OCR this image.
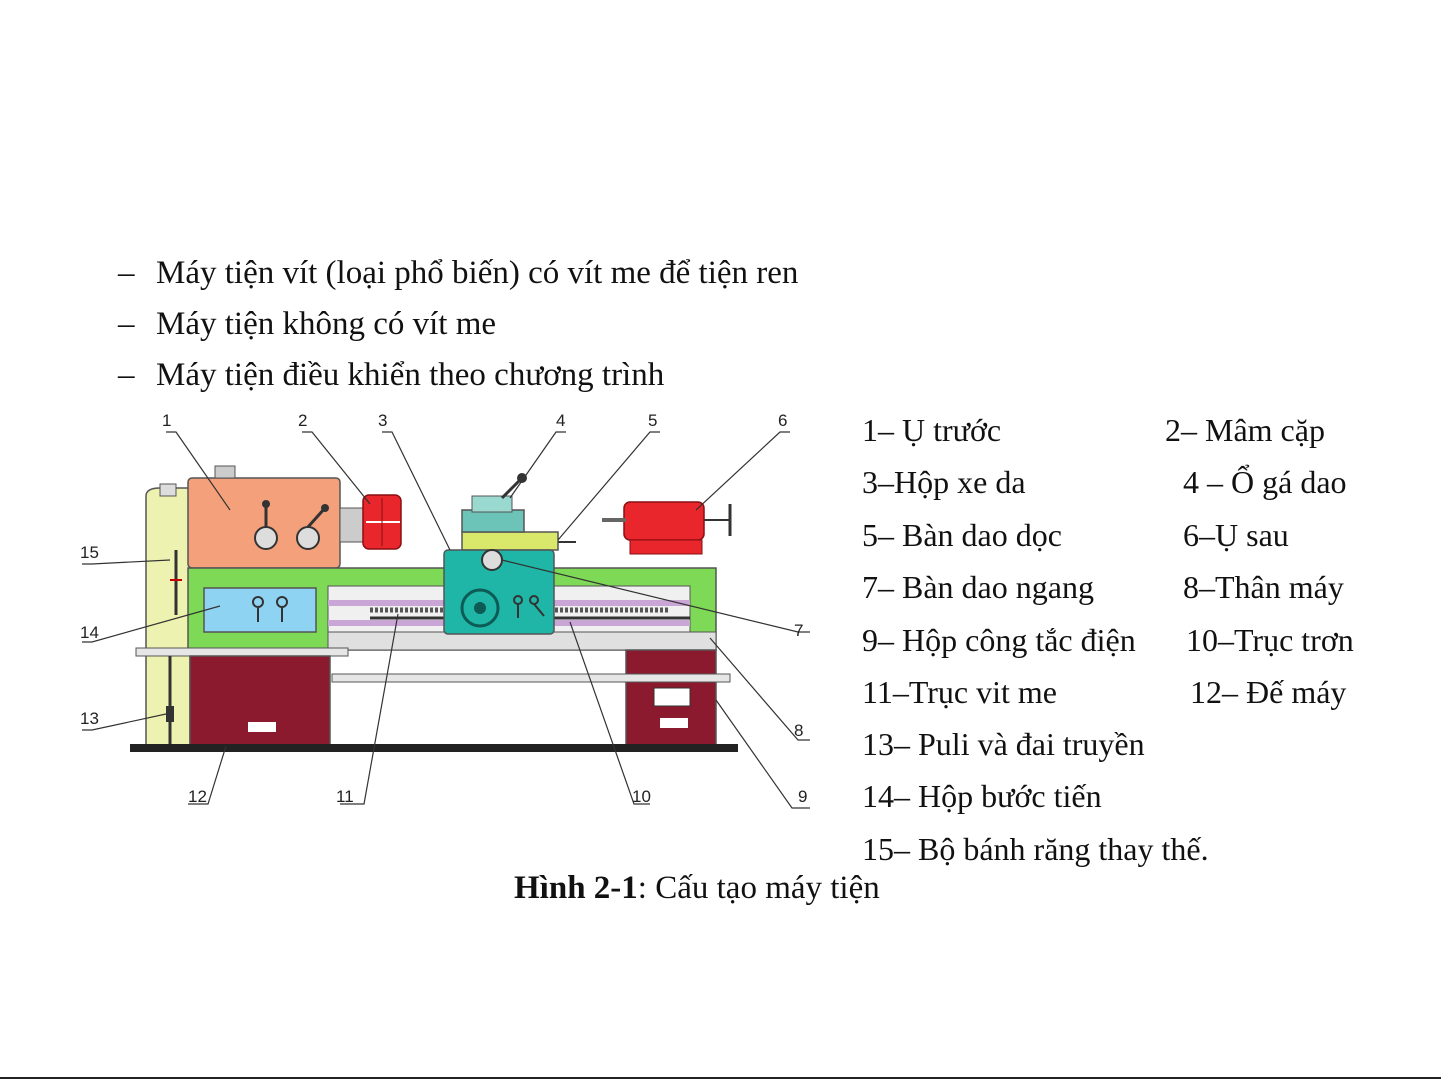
– Máy tiện vít (loại phổ biến) có vít me để tiện ren
– Máy tiện không có vít me
– Máy tiện điều khiển theo chương trình
1	2	3	4	5	6
7
8
9
10
11
12
13
14
15
1– Ụ trước	2– Mâm cặp
3–Hộp xe da	4 – Ổ gá dao
5– Bàn dao dọc	6–Ụ sau
7– Bàn dao ngang	8–Thân máy
9– Hộp công tắc điện 10–Trục trơn
11–Trục vit me	12– Đế máy
13– Puli và đai truyền
14– Hộp bước tiến
15– Bộ bánh răng thay thế.
Hình 2-1: Cấu tạo máy tiện
